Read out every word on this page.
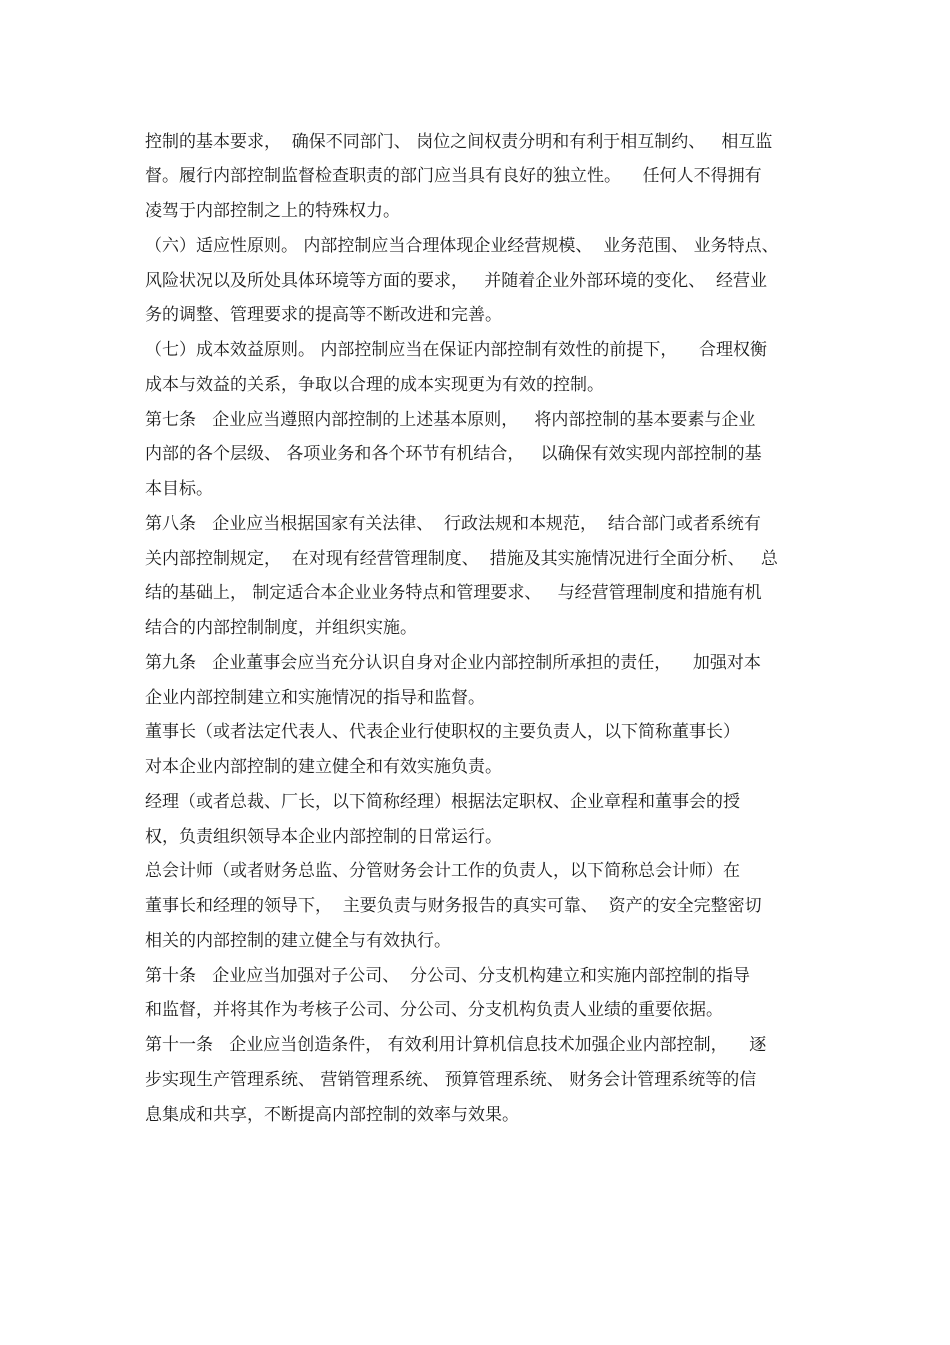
控制的基本要求，  确保不同部门、 岗位之间权责分明和有利于相互制约、   相互监
督。履行内部控制监督检查职责的部门应当具有良好的独立性。    任何人不得拥有
凌驾于内部控制之上的特殊权力。
（六）适应性原则。 内部控制应当合理体现企业经营规模、  业务范围、 业务特点、
风险状况以及所处具体环境等方面的要求，   并随着企业外部环境的变化、  经营业
务的调整、管理要求的提高等不断改进和完善。
（七）成本效益原则。 内部控制应当在保证内部控制有效性的前提下，    合理权衡
成本与效益的关系，争取以合理的成本实现更为有效的控制。
第七条   企业应当遵照内部控制的上述基本原则，   将内部控制的基本要素与企业
内部的各个层级、 各项业务和各个环节有机结合，   以确保有效实现内部控制的基
本目标。
第八条   企业应当根据国家有关法律、  行政法规和本规范，  结合部门或者系统有
关内部控制规定，  在对现有经营管理制度、  措施及其实施情况进行全面分析、   总
结的基础上， 制定适合本企业业务特点和管理要求、   与经营管理制度和措施有机
结合的内部控制制度，并组织实施。
第九条   企业董事会应当充分认识自身对企业内部控制所承担的责任，    加强对本
企业内部控制建立和实施情况的指导和监督。
董事长（或者法定代表人、代表企业行使职权的主要负责人，以下简称董事长）
对本企业内部控制的建立健全和有效实施负责。
经理（或者总裁、厂长，以下简称经理）根据法定职权、企业章程和董事会的授
权，负责组织领导本企业内部控制的日常运行。
总会计师（或者财务总监、分管财务会计工作的负责人，以下简称总会计师）在
董事长和经理的领导下，  主要负责与财务报告的真实可靠、  资产的安全完整密切
相关的内部控制的建立健全与有效执行。
第十条   企业应当加强对子公司、  分公司、分支机构建立和实施内部控制的指导
和监督，并将其作为考核子公司、分公司、分支机构负责人业绩的重要依据。
第十一条   企业应当创造条件， 有效利用计算机信息技术加强企业内部控制，    逐
步实现生产管理系统、 营销管理系统、 预算管理系统、 财务会计管理系统等的信
息集成和共享，不断提高内部控制的效率与效果。
